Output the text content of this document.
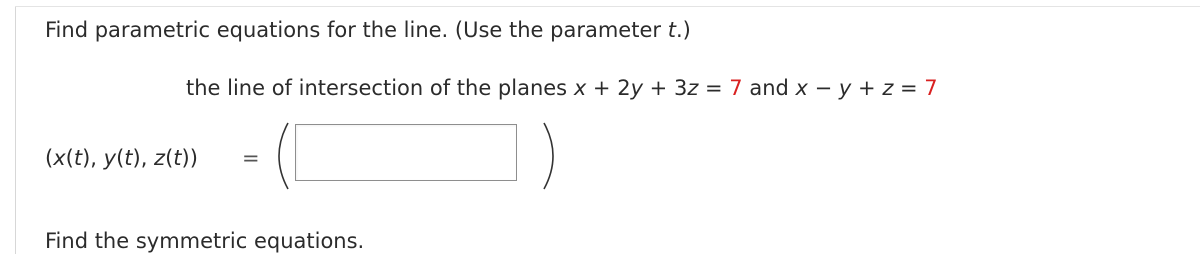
Find parametric equations for the line. (Use the parameter t.)
the line of intersection of the planes x + 2y + 3z = 7 and x − y + z = 7
(x(t), y(t), z(t)) =
Find the symmetric equations.
